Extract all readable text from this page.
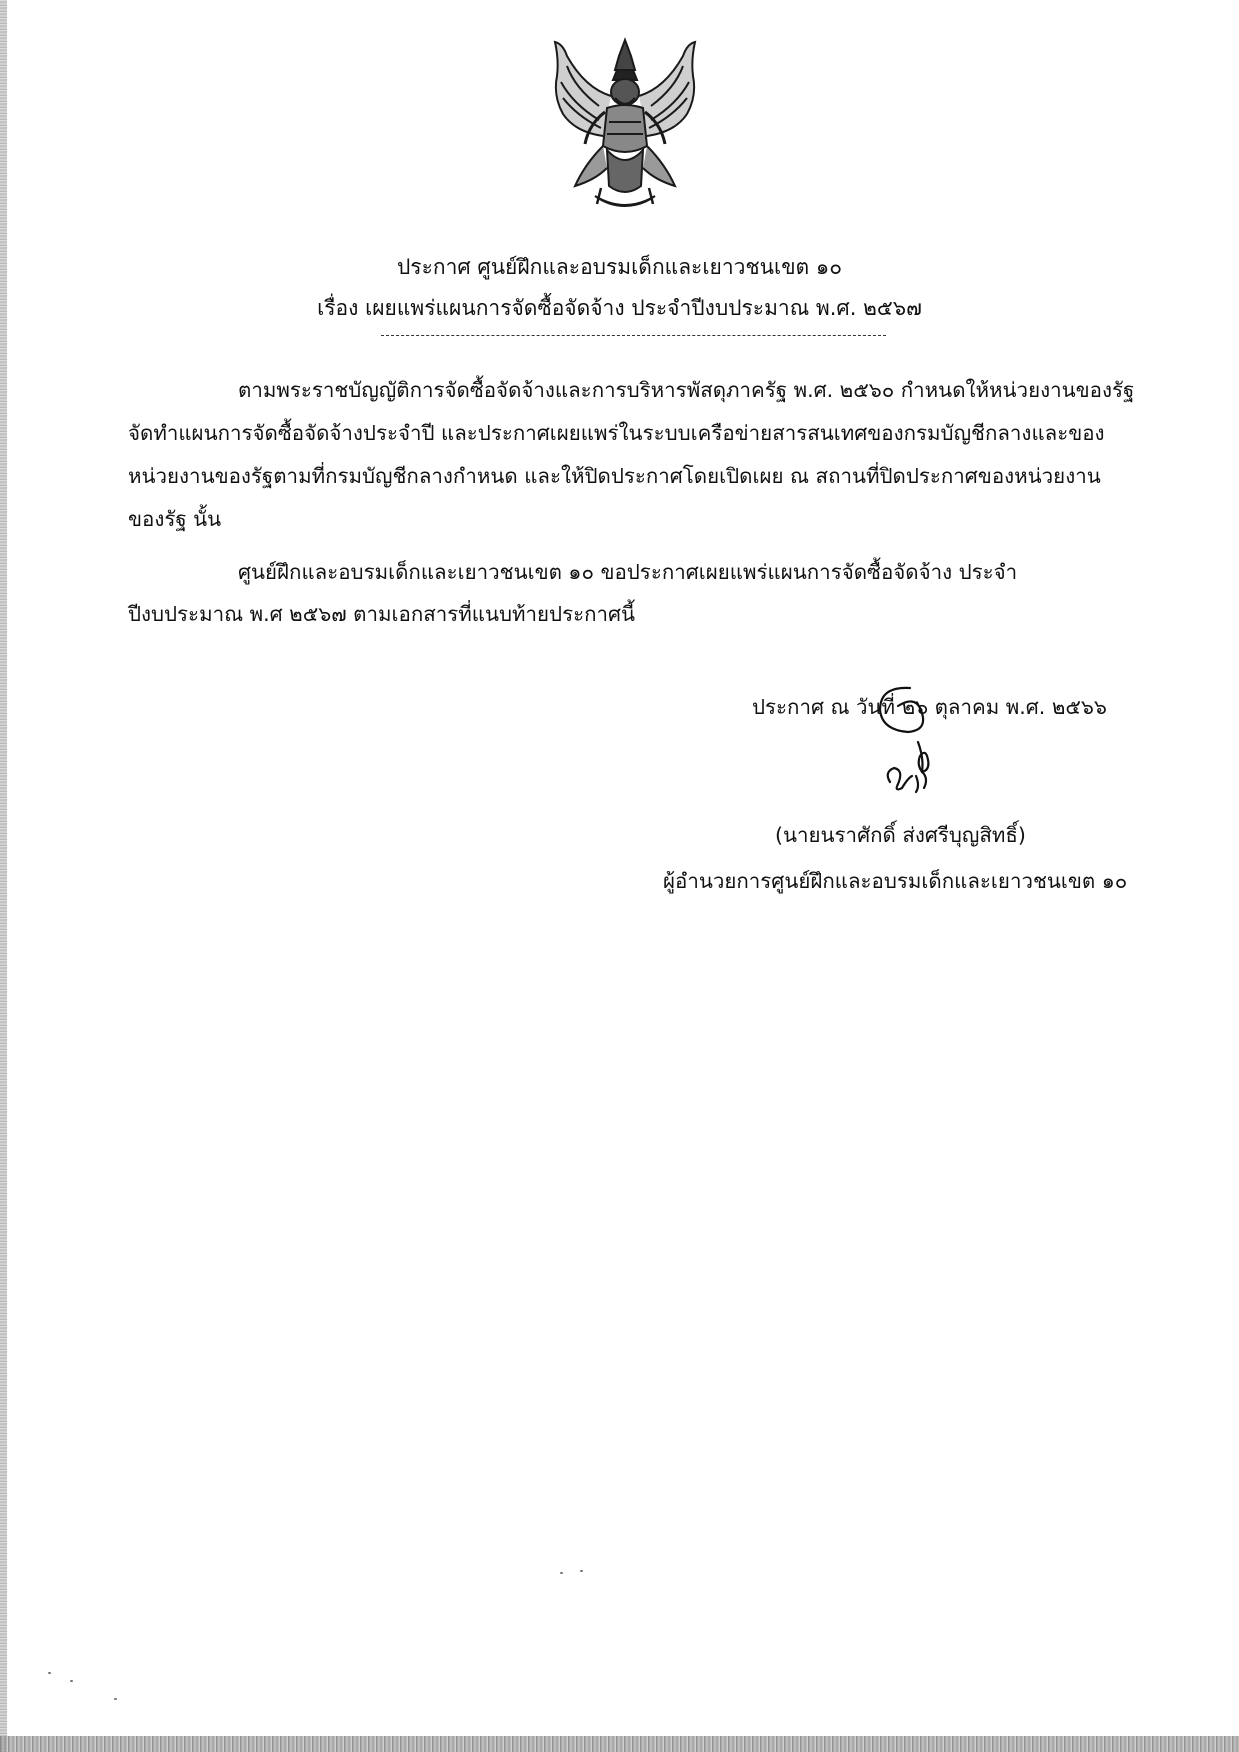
ประกาศ ศูนย์ฝึกและอบรมเด็กและเยาวชนเขต ๑๐
เรื่อง เผยแพร่แผนการจัดซื้อจัดจ้าง ประจำปีงบประมาณ พ.ศ. ๒๕๖๗
ตามพระราชบัญญัติการจัดซื้อจัดจ้างและการบริหารพัสดุภาครัฐ พ.ศ. ๒๕๖๐ กำหนดให้หน่วยงานของรัฐ
จัดทำแผนการจัดซื้อจัดจ้างประจำปี และประกาศเผยแพร่ในระบบเครือข่ายสารสนเทศของกรมบัญชีกลางและของ
หน่วยงานของรัฐตามที่กรมบัญชีกลางกำหนด และให้ปิดประกาศโดยเปิดเผย ณ สถานที่ปิดประกาศของหน่วยงาน
ของรัฐ นั้น
ศูนย์ฝึกและอบรมเด็กและเยาวชนเขต ๑๐ ขอประกาศเผยแพร่แผนการจัดซื้อจัดจ้าง ประจำ
ปีงบประมาณ พ.ศ ๒๕๖๗ ตามเอกสารที่แนบท้ายประกาศนี้
ประกาศ ณ วันที่ ๒๖ ตุลาคม พ.ศ. ๒๕๖๖
(นายนราศักดิ์ ส่งศรีบุญสิทธิ์)
ผู้อำนวยการศูนย์ฝึกและอบรมเด็กและเยาวชนเขต ๑๐
